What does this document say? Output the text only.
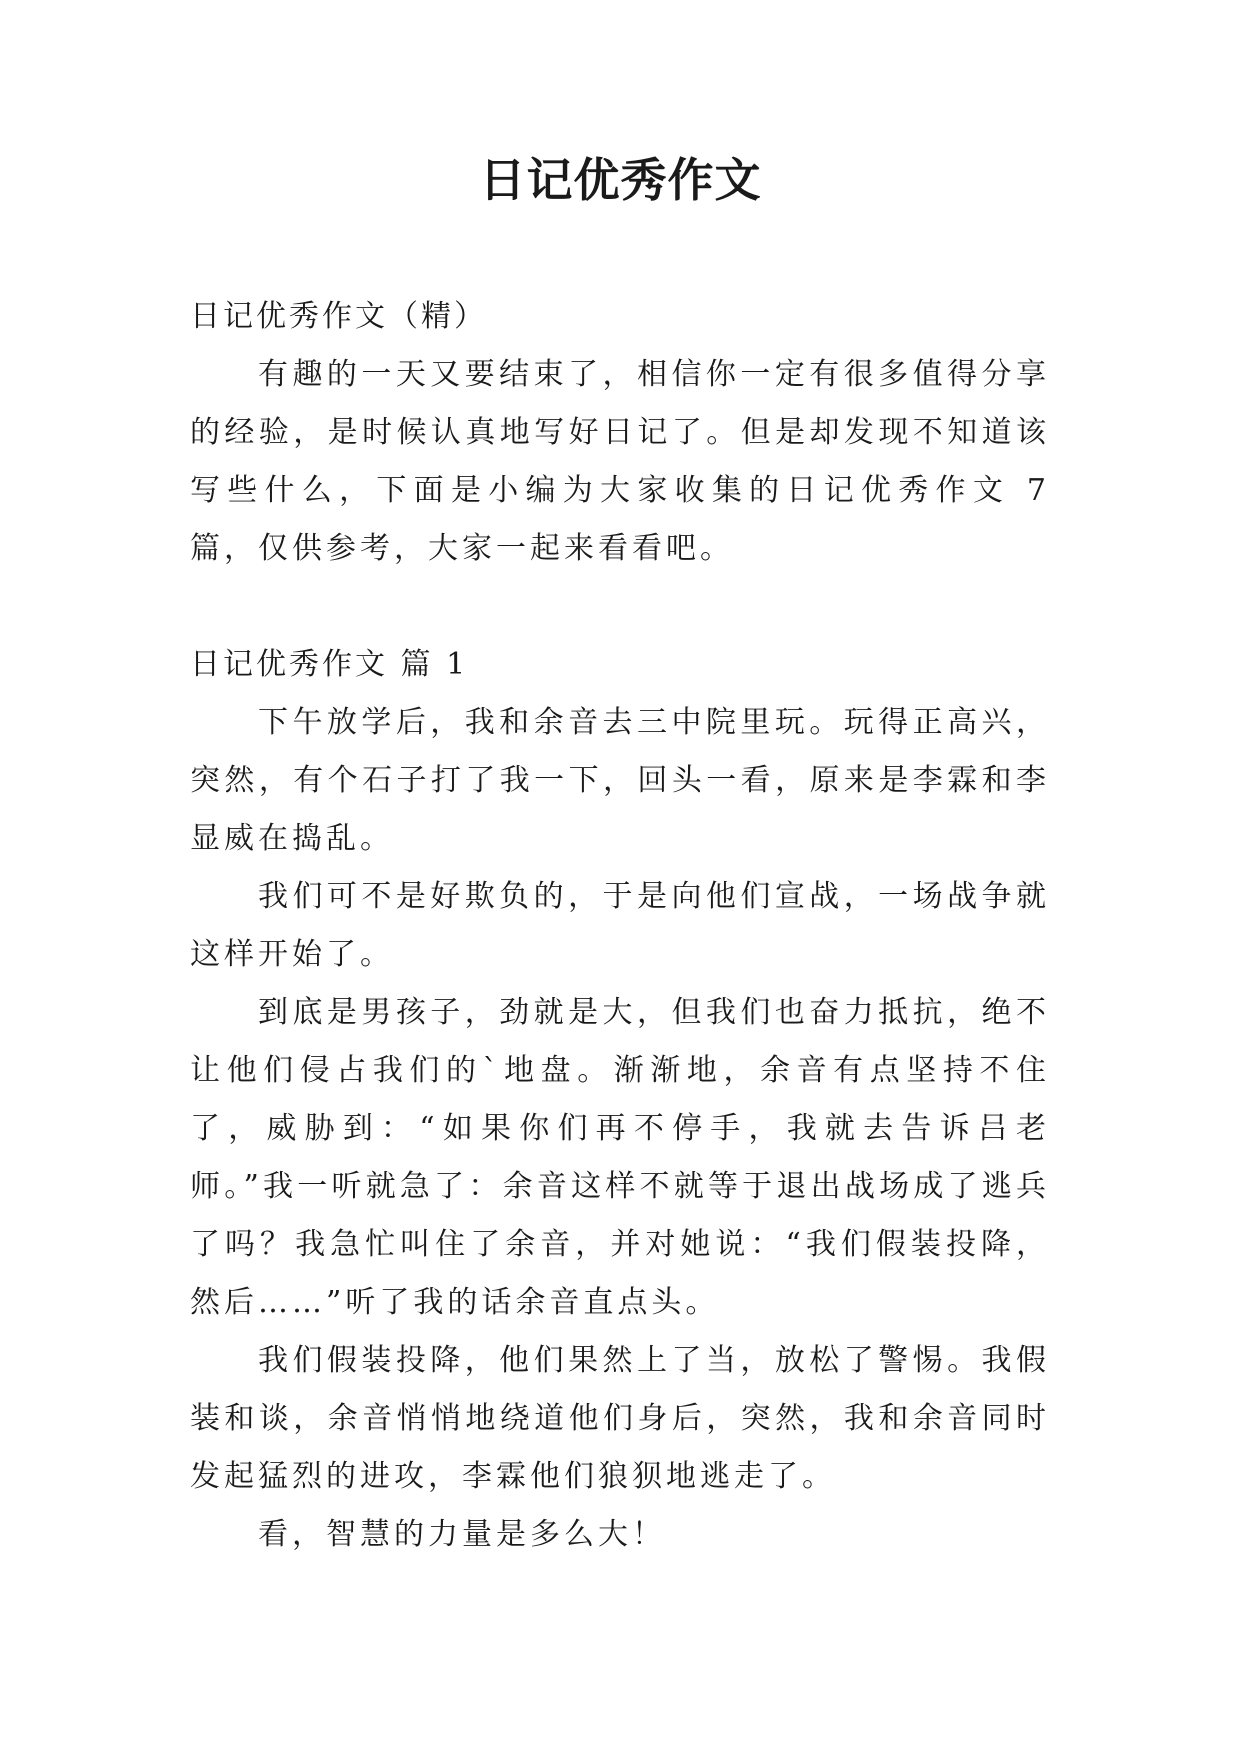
日记优秀作文

日记优秀作文（精）

有趣的一天又要结束了，相信你一定有很多值得分享的经验，是时候认真地写好日记了。但是却发现不知道该写些什么，下面是小编为大家收集的日记优秀作文 7 篇，仅供参考，大家一起来看看吧。

日记优秀作文 篇 1

下午放学后，我和余音去三中院里玩。玩得正高兴，突然，有个石子打了我一下，回头一看，原来是李霖和李显威在捣乱。

我们可不是好欺负的，于是向他们宣战，一场战争就这样开始了。

到底是男孩子，劲就是大，但我们也奋力抵抗，绝不让他们侵占我们的`地盘。渐渐地，余音有点坚持不住了，威胁到：“如果你们再不停手，我就去告诉吕老师。”我一听就急了：余音这样不就等于退出战场成了逃兵了吗？我急忙叫住了余音，并对她说：“我们假装投降，然后……”听了我的话余音直点头。

我们假装投降，他们果然上了当，放松了警惕。我假装和谈，余音悄悄地绕道他们身后，突然，我和余音同时发起猛烈的进攻，李霖他们狼狈地逃走了。

看，智慧的力量是多么大！
